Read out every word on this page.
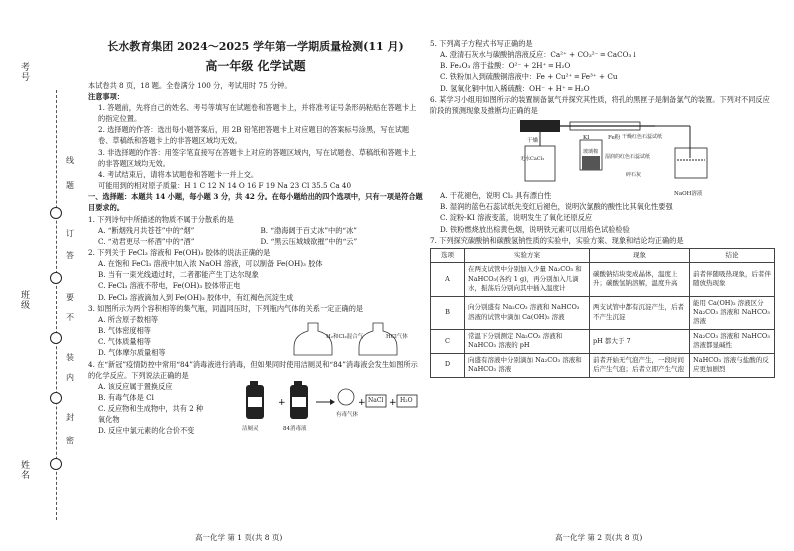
考号
班级
姓名
线
题
订
答
要
不
装
内
封
密
长水教育集团 2024～2025 学年第一学期质量检测(11 月)
高一年级 化学试题
本试卷共 8 页，18 题。全卷满分 100 分，考试用时 75 分钟。
注意事项：
1. 答题前，先将自己的姓名、考号等填写在试题卷和答题卡上，并将准考证号条形码粘贴在答题卡上的指定位置。
2. 选择题的作答：选出每小题答案后，用 2B 铅笔把答题卡上对应题目的答案标号涂黑，写在试题卷、草稿纸和答题卡上的非答题区域均无效。
3. 非选择题的作答：用签字笔直接写在答题卡上对应的答题区域内，写在试题卷、草稿纸和答题卡上的非答题区域均无效。
4. 考试结束后，请将本试题卷和答题卡一并上交。
可能用到的相对原子质量：H 1 C 12 N 14 O 16 F 19 Na 23 Cl 35.5 Ca 40
一、选择题：本题共 14 小题，每小题 3 分，共 42 分。在每小题给出的四个选项中，只有一项是符合题目要求的。
1. 下列诗句中所描述的物质不属于分散系的是
A. “断烟残月共苍苍”中的“烟”	B. “渤海阔于百丈冰”中的“冰”
C. “劝君更尽一杯酒”中的“酒”	D. “黑云压城城欲摧”中的“云”
2. 下列关于 FeCl₃ 溶液和 Fe(OH)₃ 胶体的说法正确的是
A. 在饱和 FeCl₃ 溶液中加入浓 NaOH 溶液，可以制备 Fe(OH)₃ 胶体
B. 当有一束光线通过时，二者都能产生丁达尔现象
C. FeCl₃ 溶液不带电，Fe(OH)₃ 胶体带正电
D. FeCl₃ 溶液滴加入到 Fe(OH)₃ 胶体中，有红褐色沉淀生成
3. 如图所示为两个容积相等的集气瓶，同温同压时，下列瓶内气体的关系一定正确的是
A. 所含原子数相等
B. 气体密度相等
C. 气体质量相等
D. 气体摩尔质量相等
H₂和Cl₂混合气	HCl气体
4. 在“新冠”疫情防控中常用“84”消毒液进行消毒，但如果同时使用洁厕灵和“84”消毒液会发生如图所示的化学反应。下列说法正确的是
A. 该反应属于置换反应
B. 有毒气体是 Cl
C. 反应物和生成物中，共有 2 种氧化物
D. 反应中氯元素的化合价不变
+	+	+
洁厕灵	84消毒液
有毒气体
NaCl	H₂O
高一化学 第 1 页(共 8 页)
5. 下列离子方程式书写正确的是
A. 澄清石灰水与碳酸钠溶液反应：Ca²⁺ + CO₃²⁻ ═ CaCO₃↓
B. Fe₂O₃ 溶于盐酸：O²⁻ + 2H⁺ ═ H₂O
C. 铁粉加入到硫酸铜溶液中：Fe + Cu²⁺ ═ Fe³⁺ + Cu
D. 氢氧化铜中加入稀硫酸：OH⁻ + H⁺ ═ H₂O
6. 某学习小组用如图所示的装置制备氯气并探究其性质，将孔的黑匣子是制备氯气的装置。下列对不同反应阶段的预测现象及推断均正确的是
干燥	KI	Fe粉
湿润的红色石蕊试纸
干燥红色石蕊试纸
玻璃棉
无水CaCl₂
碎石灰
NaOH溶液
A. 干花褪色，说明 Cl₂ 具有漂白性
B. 湿润的蓝色石蕊试纸先变红后褪色，说明次氯酸的酸性比其氧化性要强
C. 淀粉-KI 溶液变蓝，说明发生了氧化还原反应
D. 铁粉燃烧放出棕黄色烟，说明铁元素可以用焰色试验检验
7. 下列探究碳酸钠和碳酸氢钠性质的实验中，实验方案、现象和结论均正确的是
选项	实验方案	现象	结论
A	在两支试管中分别加入少量 Na₂CO₃ 和 NaHCO₃(各约 1 g)，再分别加入几滴水，振荡后分别向其中插入温度计	碳酸钠结块变成晶体，温度上升；碳酸氢钠溶解，温度升高	前者伴随吸热现象，后者伴随放热现象
B	向分别盛有 Na₂CO₃ 溶液和 NaHCO₃ 溶液的试管中滴加 Ca(OH)₂ 溶液	两支试管中都有沉淀产生，后者不产生沉淀	能用 Ca(OH)₂ 溶液区分 Na₂CO₃ 溶液和 NaHCO₃ 溶液
C	常温下分别测定 Na₂CO₃ 溶液和 NaHCO₃ 溶液的 pH	pH 都大于 7	Na₂CO₃ 溶液和 NaHCO₃ 溶液都显碱性
D	向盛有溶液中分别滴加 Na₂CO₃ 溶液和 NaHCO₃ 溶液	前者开始无气泡产生，一段时间后产生气泡；后者立即产生气泡	NaHCO₃ 溶液与盐酸的反应更加剧烈
高一化学 第 2 页(共 8 页)
